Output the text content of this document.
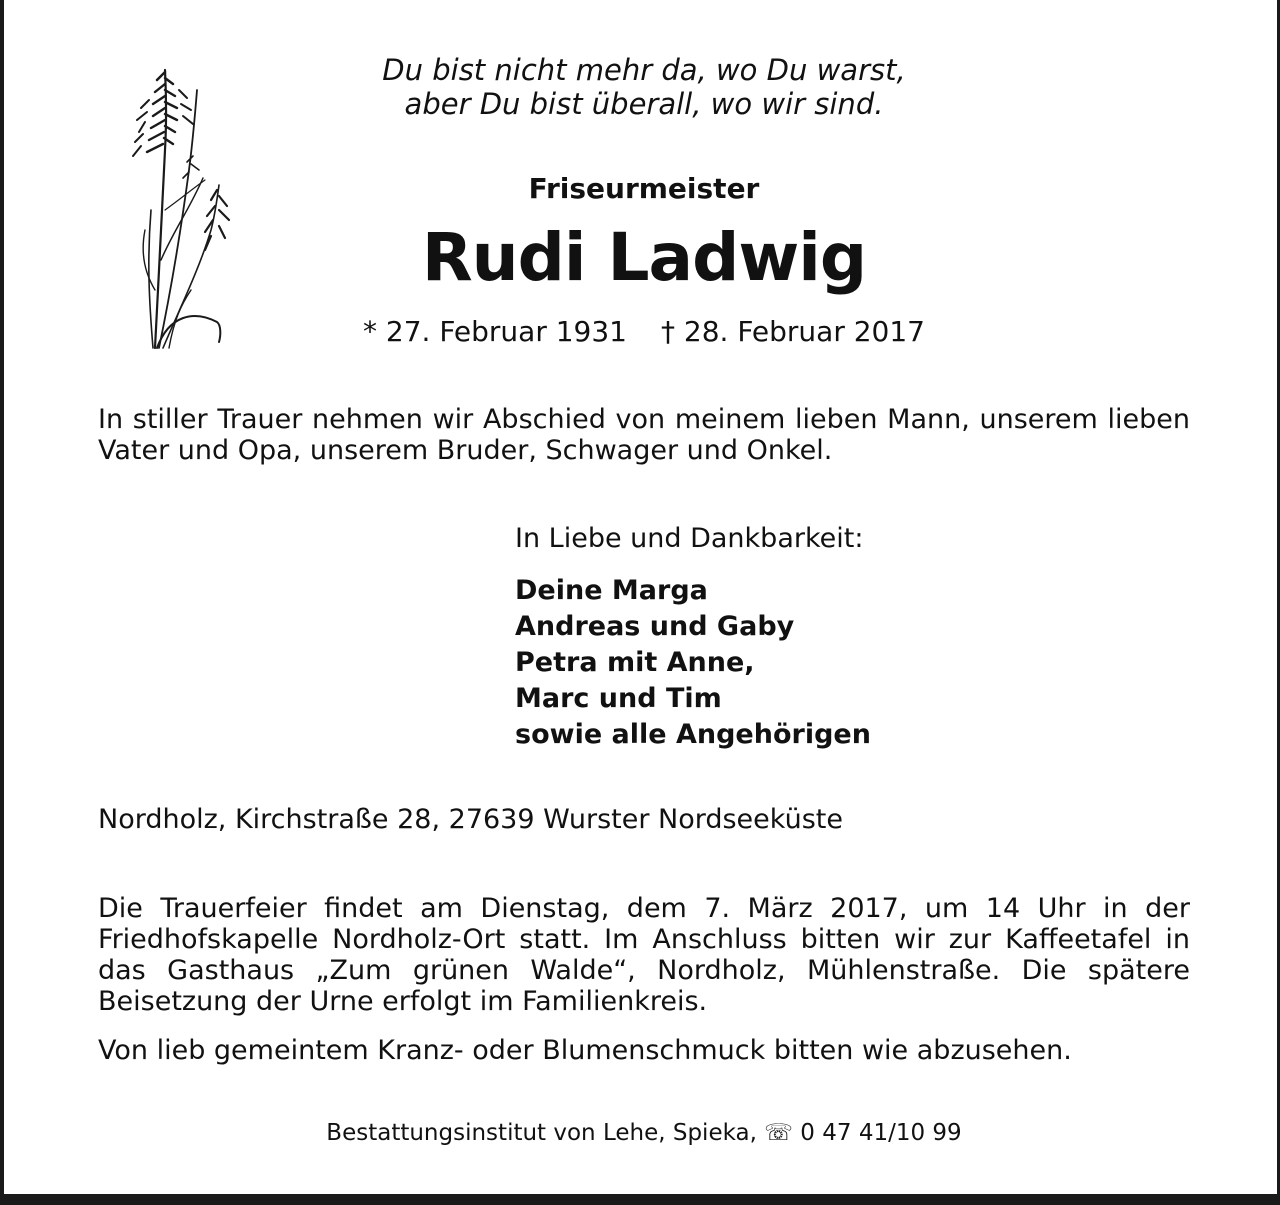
Du bist nicht mehr da, wo Du warst,
aber Du bist überall, wo wir sind.
Friseurmeister
Rudi Ladwig
* 27. Februar 1931 † 28. Februar 2017
In stiller Trauer nehmen wir Abschied von meinem lieben Mann, unserem lieben Vater und Opa, unserem Bruder, Schwager und Onkel.
In Liebe und Dankbarkeit:
Deine Marga
Andreas und Gaby
Petra mit Anne,
Marc und Tim
sowie alle Angehörigen
Nordholz, Kirchstraße 28, 27639 Wurster Nordseeküste
Die Trauerfeier findet am Dienstag, dem 7. März 2017, um 14 Uhr in der Friedhofskapelle Nordholz-Ort statt. Im Anschluss bitten wir zur Kaffeetafel in das Gasthaus „Zum grünen Walde“, Nordholz, Mühlenstraße. Die spätere Beisetzung der Urne erfolgt im Familienkreis.
Von lieb gemeintem Kranz- oder Blumenschmuck bitten wie abzusehen.
Bestattungsinstitut von Lehe, Spieka, ☏ 0 47 41/10 99
